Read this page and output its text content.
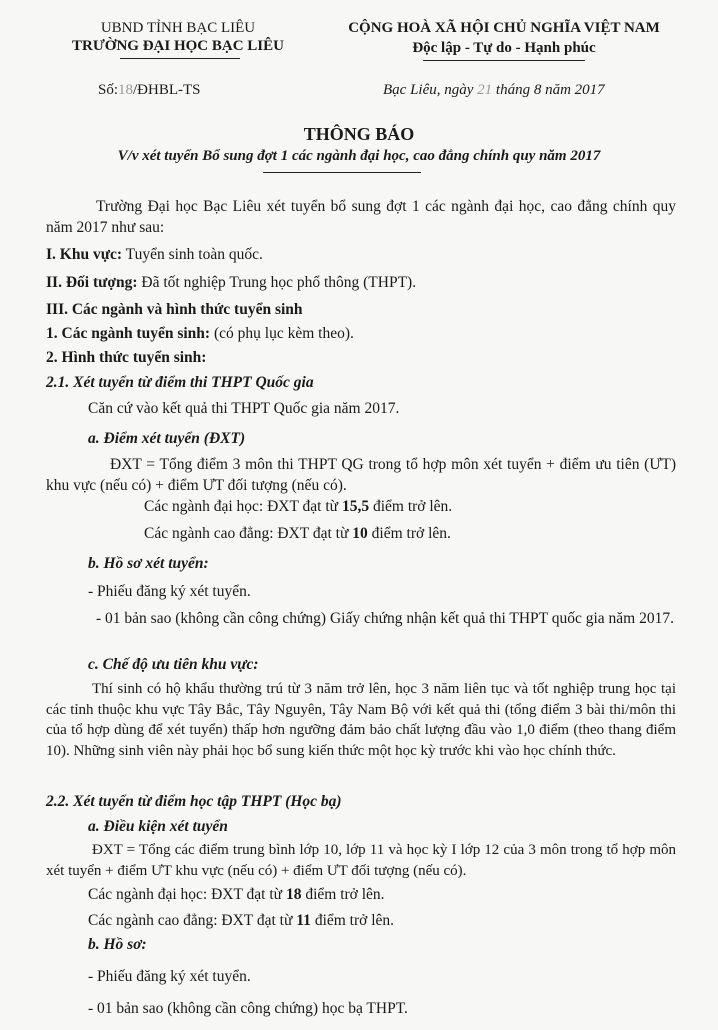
UBND TỈNH BẠC LIÊU
TRƯỜNG ĐẠI HỌC BẠC LIÊU
Số:18/ĐHBL-TS
CỘNG HOÀ XÃ HỘI CHỦ NGHĨA VIỆT NAM
Độc lập - Tự do - Hạnh phúc
Bạc Liêu, ngày 21 tháng 8 năm 2017
THÔNG BÁO
V/v xét tuyển Bổ sung đợt 1 các ngành đại học, cao đẳng chính quy năm 2017
Trường Đại học Bạc Liêu xét tuyển bổ sung đợt 1 các ngành đại học, cao đẳng chính quy năm 2017 như sau:
I. Khu vực: Tuyển sinh toàn quốc.
II. Đối tượng: Đã tốt nghiệp Trung học phổ thông (THPT).
III. Các ngành và hình thức tuyển sinh
1. Các ngành tuyển sinh: (có phụ lục kèm theo).
2. Hình thức tuyển sinh:
2.1. Xét tuyển từ điểm thi THPT Quốc gia
Căn cứ vào kết quả thi THPT Quốc gia năm 2017.
a. Điểm xét tuyển (ĐXT)
ĐXT = Tổng điểm 3 môn thi THPT QG trong tổ hợp môn xét tuyển + điểm ưu tiên (ƯT) khu vực (nếu có) + điểm ƯT đối tượng (nếu có).
Các ngành đại học: ĐXT đạt từ 15,5 điểm trở lên.
Các ngành cao đẳng: ĐXT đạt từ 10 điểm trở lên.
b. Hồ sơ xét tuyển:
- Phiếu đăng ký xét tuyển.
- 01 bản sao (không cần công chứng) Giấy chứng nhận kết quả thi THPT quốc gia năm 2017.
c. Chế độ ưu tiên khu vực:
Thí sinh có hộ khẩu thường trú từ 3 năm trở lên, học 3 năm liên tục và tốt nghiệp trung học tại các tỉnh thuộc khu vực Tây Bắc, Tây Nguyên, Tây Nam Bộ với kết quả thi (tổng điểm 3 bài thi/môn thi của tổ hợp dùng để xét tuyển) thấp hơn ngưỡng đảm bảo chất lượng đầu vào 1,0 điểm (theo thang điểm 10). Những sinh viên này phải học bổ sung kiến thức một học kỳ trước khi vào học chính thức.
2.2. Xét tuyển từ điểm học tập THPT (Học bạ)
a. Điều kiện xét tuyển
ĐXT = Tổng các điểm trung bình lớp 10, lớp 11 và học kỳ I lớp 12 của 3 môn trong tổ hợp môn xét tuyển + điểm ƯT khu vực (nếu có) + điểm ƯT đối tượng (nếu có).
Các ngành đại học: ĐXT đạt từ 18 điểm trở lên.
Các ngành cao đẳng: ĐXT đạt từ 11 điểm trở lên.
b. Hồ sơ:
- Phiếu đăng ký xét tuyển.
- 01 bản sao (không cần công chứng) học bạ THPT.
